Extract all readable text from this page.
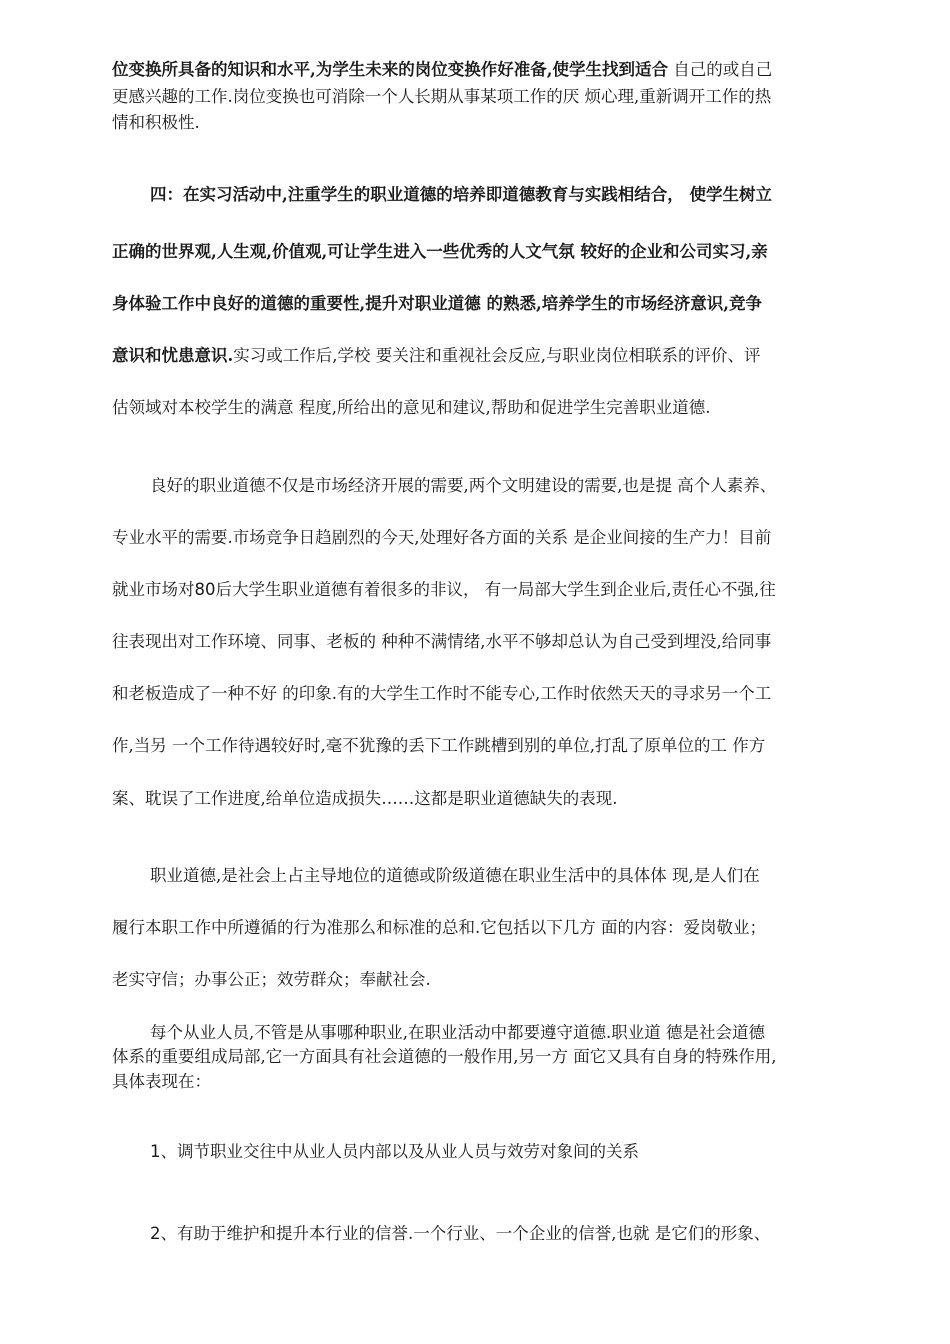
位变换所具备的知识和水平,为学生未来的岗位变换作好准备,使学生找到适合 自己的或自己
更感兴趣的工作.岗位变换也可消除一个人长期从事某项工作的厌 烦心理,重新调开工作的热
情和积极性.
四：在实习活动中,注重学生的职业道德的培养即道德教育与实践相结合， 使学生树立
正确的世界观,人生观,价值观,可让学生进入一些优秀的人文气氛 较好的企业和公司实习,亲
身体验工作中良好的道德的重要性,提升对职业道德 的熟悉,培养学生的市场经济意识,竞争
意识和忧患意识.实习或工作后,学校 要关注和重视社会反应,与职业岗位相联系的评价、评
估领域对本校学生的满意 程度,所给出的意见和建议,帮助和促进学生完善职业道德.
良好的职业道德不仅是市场经济开展的需要,两个文明建设的需要,也是提 高个人素养、
专业水平的需要.市场竞争日趋剧烈的今天,处理好各方面的关系 是企业间接的生产力！目前
就业市场对80后大学生职业道德有着很多的非议， 有一局部大学生到企业后,责任心不强,往
往表现出对工作环境、同事、老板的 种种不满情绪,水平不够却总认为自己受到埋没,给同事
和老板造成了一种不好 的印象.有的大学生工作时不能专心,工作时依然天天的寻求另一个工
作,当另 一个工作待遇较好时,毫不犹豫的丢下工作跳槽到别的单位,打乱了原单位的工 作方
案、耽误了工作进度,给单位造成损失……这都是职业道德缺失的表现.
职业道德,是社会上占主导地位的道德或阶级道德在职业生活中的具体体 现,是人们在
履行本职工作中所遵循的行为准那么和标准的总和.它包括以下几方 面的内容：爱岗敬业；
老实守信；办事公正；效劳群众；奉献社会.
每个从业人员,不管是从事哪种职业,在职业活动中都要遵守道德.职业道 德是社会道德
体系的重要组成局部,它一方面具有社会道德的一般作用,另一方 面它又具有自身的特殊作用,
具体表现在：
1、调节职业交往中从业人员内部以及从业人员与效劳对象间的关系
2、有助于维护和提升本行业的信誉.一个行业、一个企业的信誉,也就 是它们的形象、
